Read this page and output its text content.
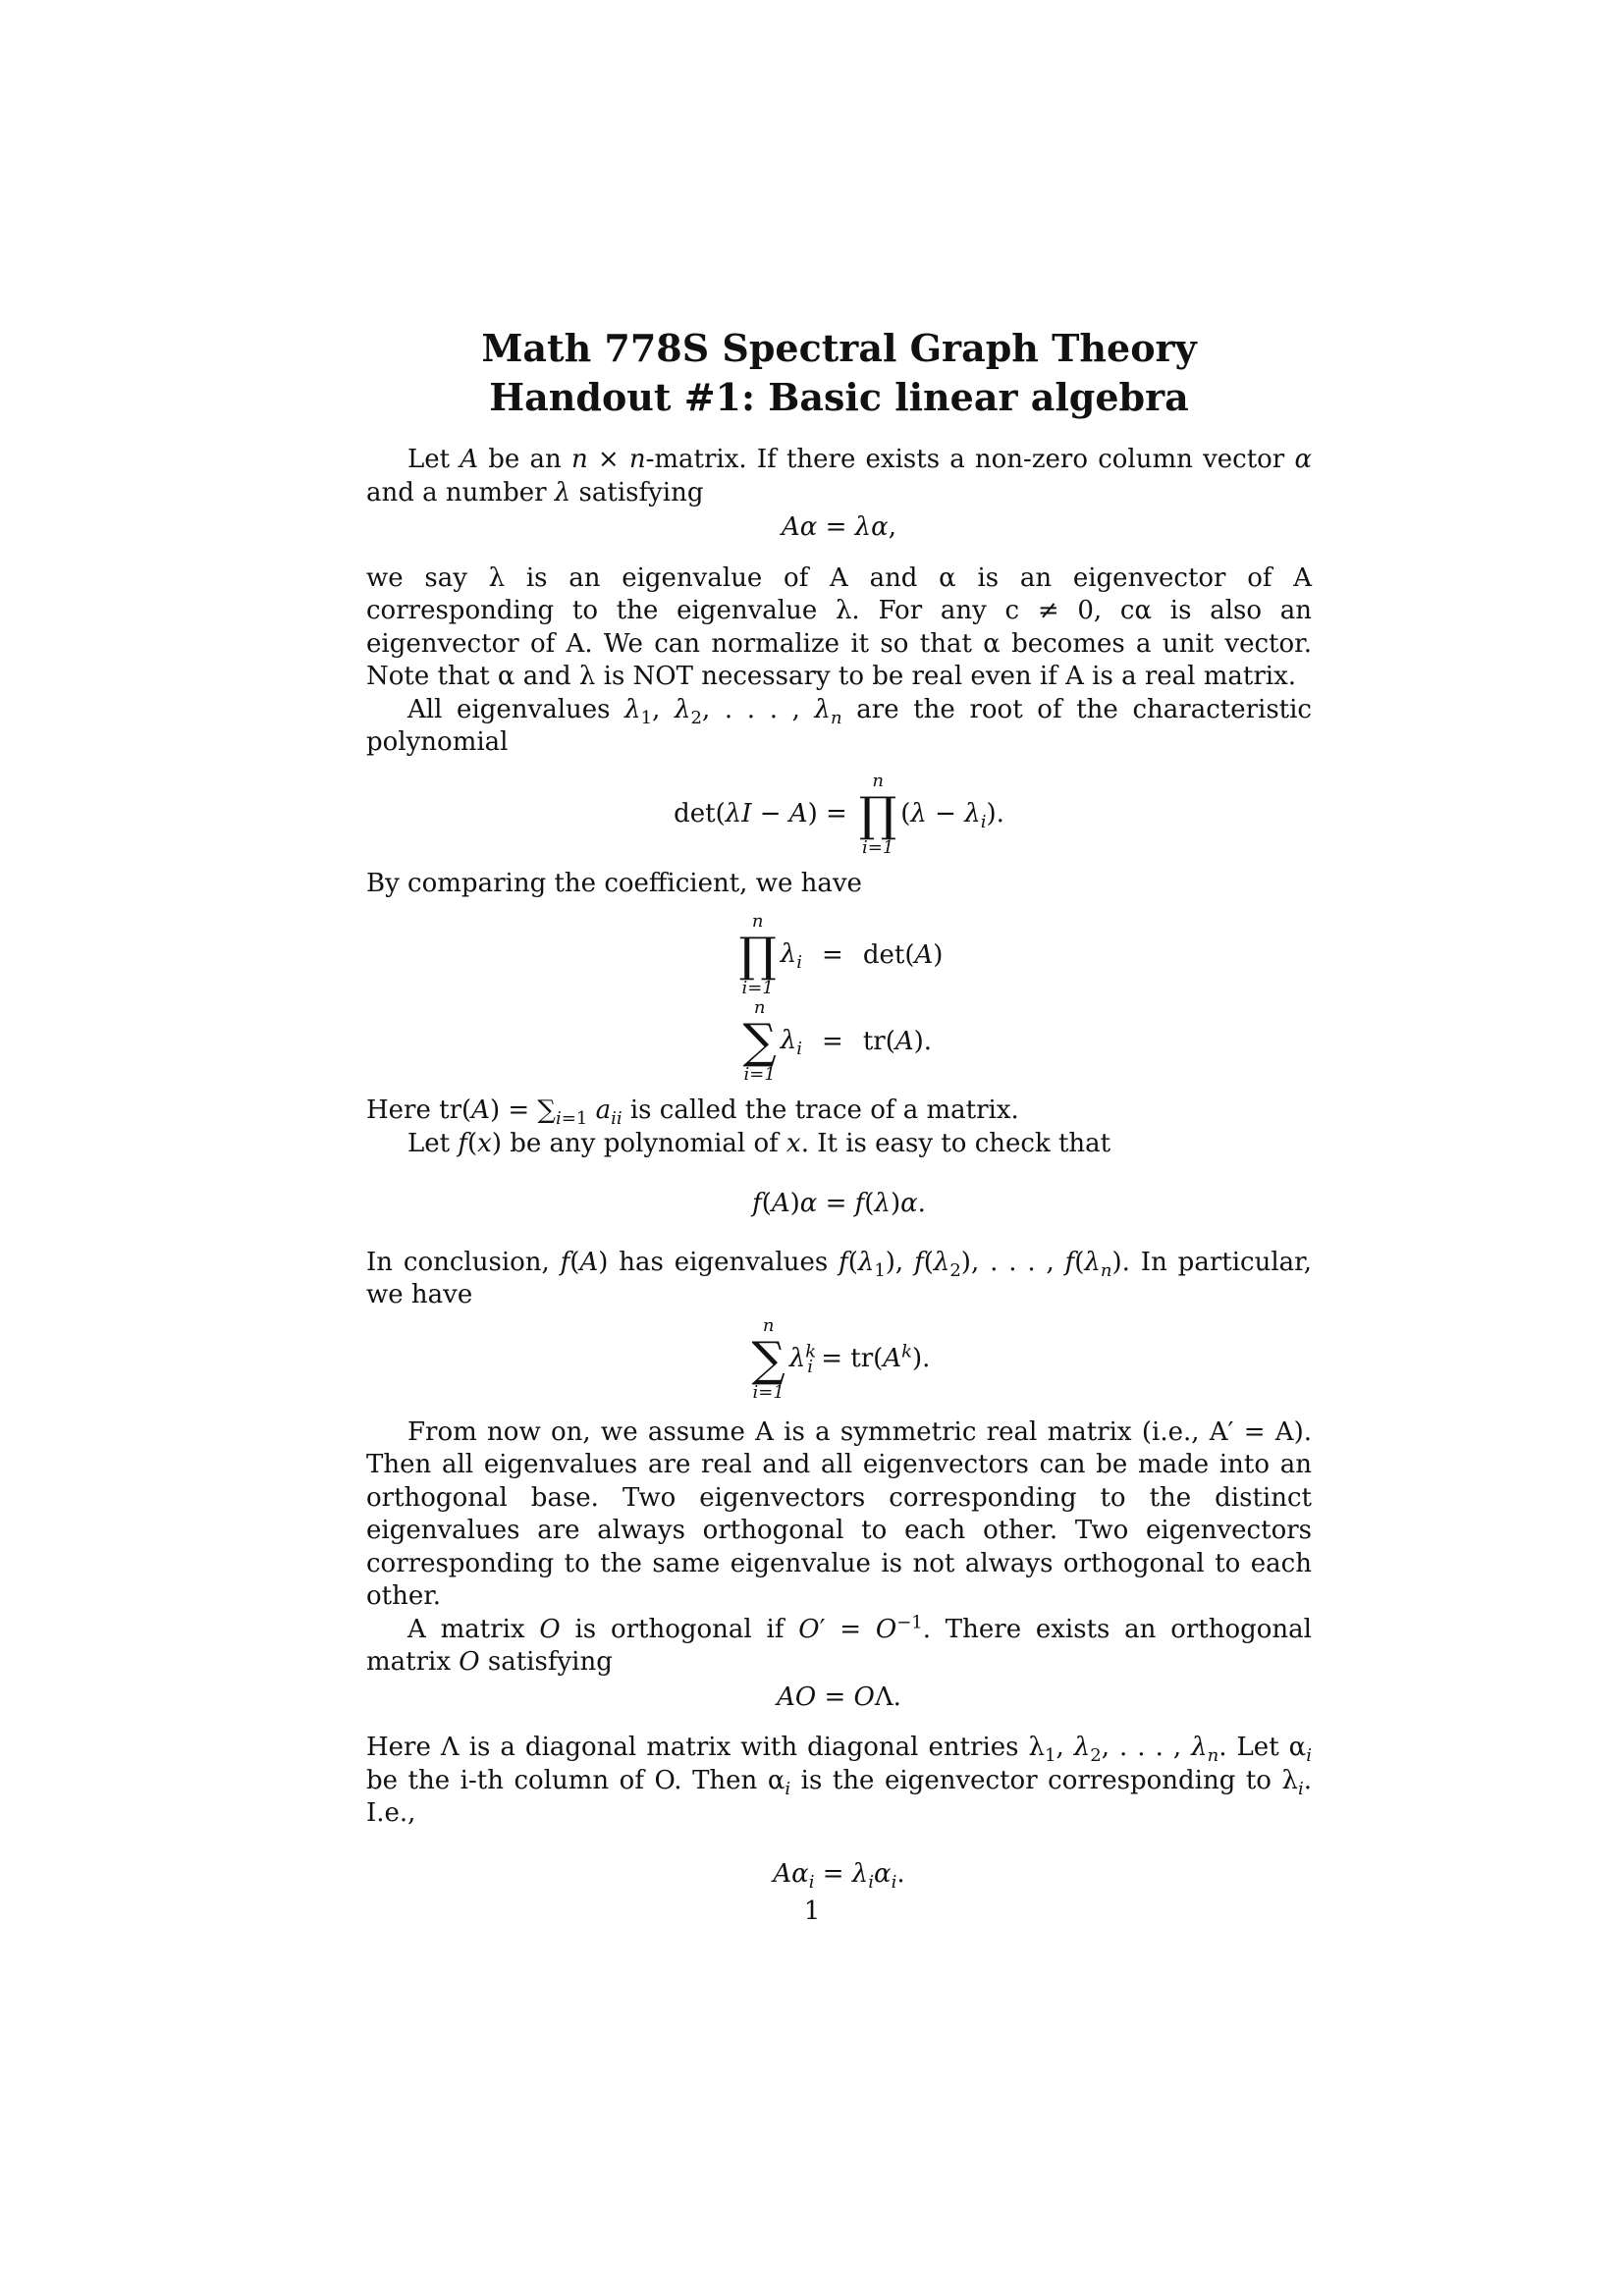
Math 778S Spectral Graph Theory
Handout #1: Basic linear algebra

Let A be an n × n-matrix. If there exists a non-zero column vector α and a number λ satisfying

Aα = λα,

we say λ is an eigenvalue of A and α is an eigenvector of A corresponding to the eigenvalue λ. For any c ≠ 0, cα is also an eigenvector of A. We can normalize it so that α becomes a unit vector. Note that α and λ is NOT necessary to be real even if A is a real matrix.

All eigenvalues $\lambda_1$, $\lambda_2$, . . . , $\lambda_n$ are the root of the characteristic polynomial

det(λI − A) =
n
∏
i=1
$(\lambda - \lambda_i)$.

By comparing the coefficient, we have

n
∏
i=1
$\lambda_i$	=	det(A)

n
∑
i=1
$\lambda_i$	=	tr(A).

Here $tr(A) = \sum_{i=1}$ $a_{ii}$ is called the trace of a matrix.

Let f(x) be any polynomial of x. It is easy to check that

f(A)α = f(λ)α.

In conclusion, f(A) has eigenvalues $f(\lambda_1)$, $f(\lambda_2)$, . . . , $f(\lambda_n)$. In particular, we have

n
∑
i=1
$\lambda^k_i = tr(A^k)$.

From now on, we assume A is a symmetric real matrix (i.e., A′ = A). Then all eigenvalues are real and all eigenvectors can be made into an orthogonal base. Two eigenvectors corresponding to the distinct eigenvalues are always orthogonal to each other. Two eigenvectors corresponding to the same eigenvalue is not always orthogonal to each other.

A matrix O is orthogonal if $O' = O^{-1}$. There exists an orthogonal matrix O satisfying

AO = OΛ.

Here Λ is a diagonal matrix with diagonal entries $\lambda_1$, $\lambda_2$, . . . , $\lambda_n$. Let $\alpha_i$ be the i-th column of O. Then $\alpha_i$ is the eigenvector corresponding to $\lambda_i$. I.e.,

$A\alpha_i = \lambda_i\alpha_i$.
1
